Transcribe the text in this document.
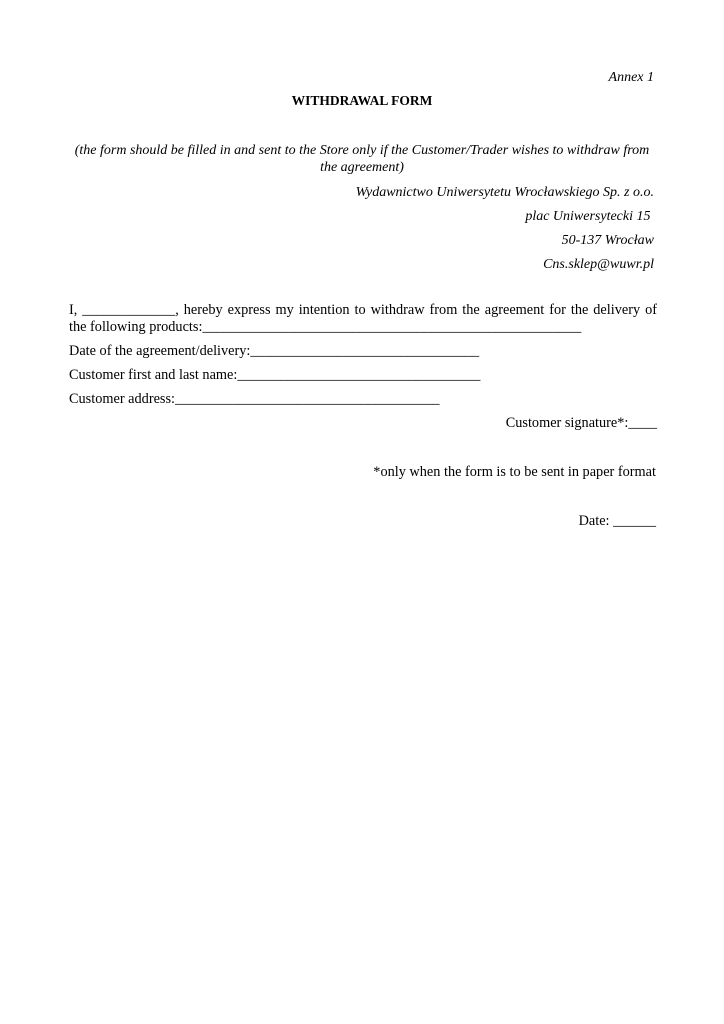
Annex 1
WITHDRAWAL FORM
(the form should be filled in and sent to the Store only if the Customer/Trader wishes to withdraw from the agreement)
Wydawnictwo Uniwersytetu Wrocławskiego Sp. z o.o.
plac Uniwersytecki 15
50-137 Wrocław
Cns.sklep@wuwr.pl
I, _____________, hereby express my intention to withdraw from the agreement for the delivery of the following products:_____________________________________________________
Date of the agreement/delivery:________________________________
Customer first and last name:__________________________________
Customer address:_____________________________________
Customer signature*:____
*only when the form is to be sent in paper format
Date: ______
